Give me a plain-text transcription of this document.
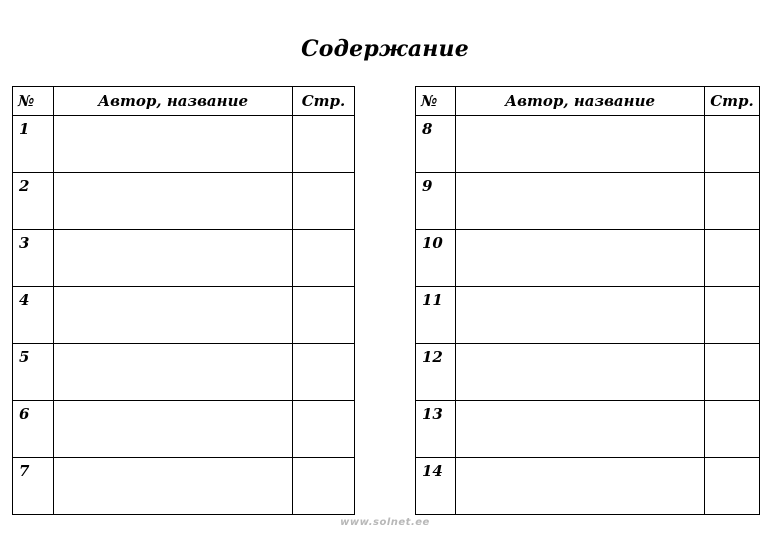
Содержание
№	Автор, название	Стр.
1		
2		
3		
4		
5		
6		
7		
№	Автор, название	Стр.
8		
9		
10		
11		
12		
13		
14		
www.solnet.ee
